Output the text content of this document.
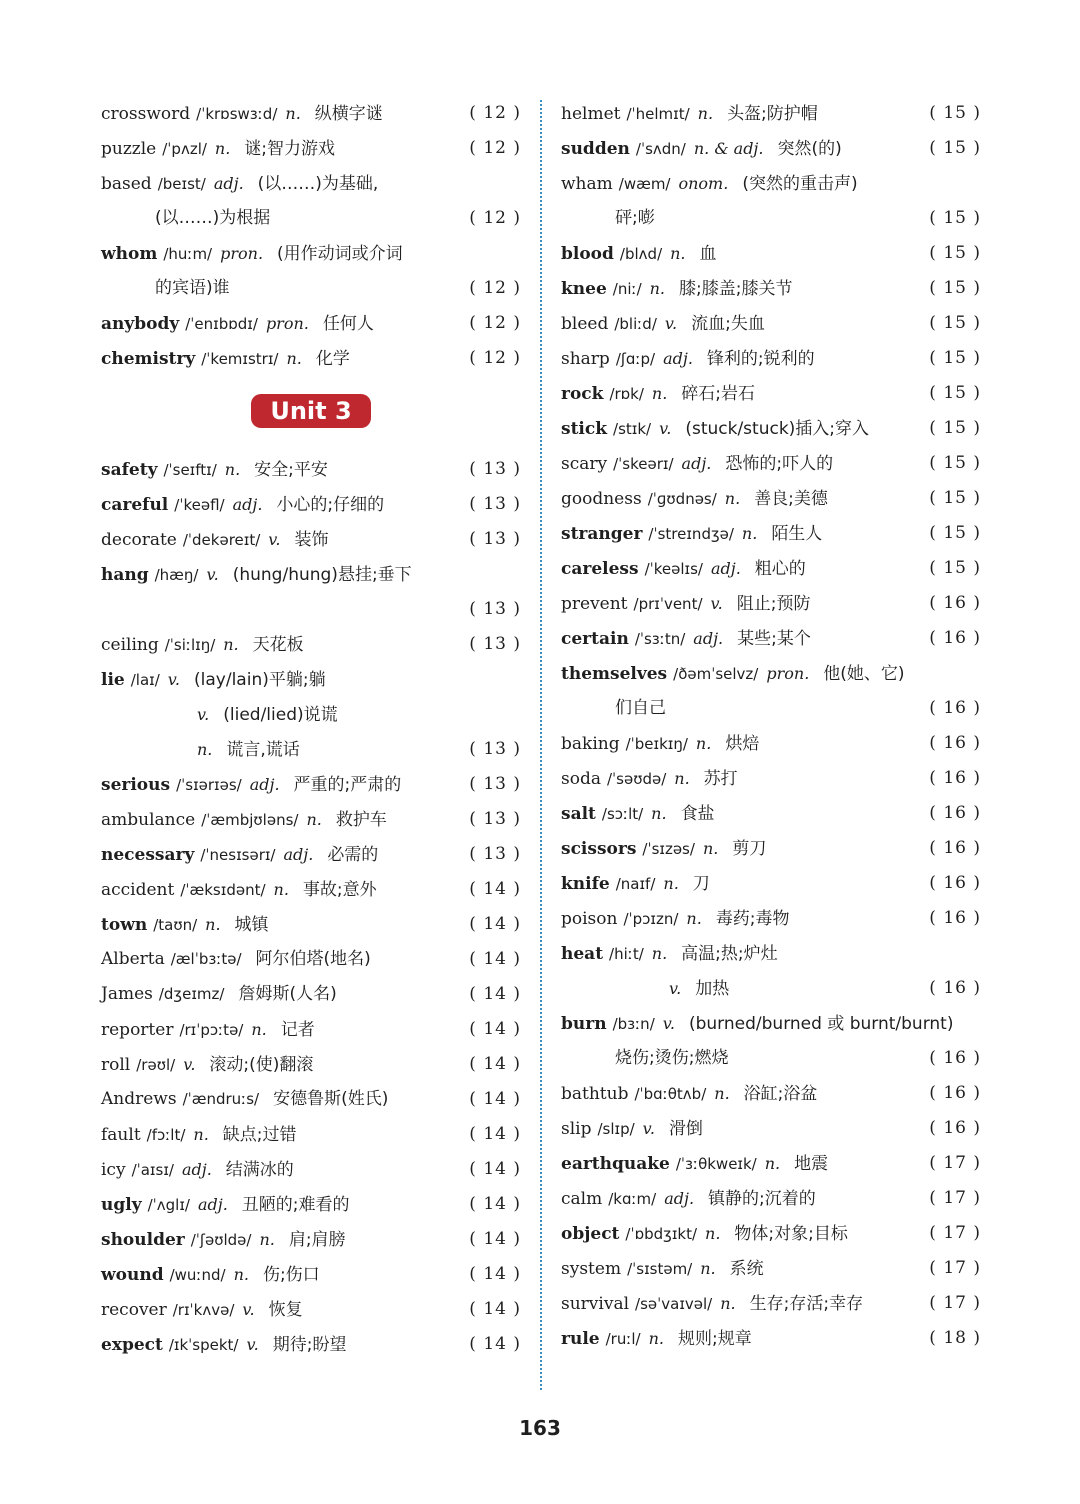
crossword /ˈkrɒswɜːd/ n. 纵横字谜	( 12 )
puzzle /ˈpʌzl/ n. 谜;智力游戏	( 12 )
based /beɪst/ adj. (以……)为基础,
(以……)为根据	( 12 )
whom /huːm/ pron. (用作动词或介词
的宾语)谁	( 12 )
anybody /ˈenɪbɒdɪ/ pron. 任何人	( 12 )
chemistry /ˈkemɪstrɪ/ n. 化学	( 12 )
Unit 3
safety /ˈseɪftɪ/ n. 安全;平安	( 13 )
careful /ˈkeəfl/ adj. 小心的;仔细的	( 13 )
decorate /ˈdekəreɪt/ v. 装饰	( 13 )
hang /hæŋ/ v. (hung/hung)悬挂;垂下
( 13 )
ceiling /ˈsiːlɪŋ/ n. 天花板	( 13 )
lie /laɪ/ v. (lay/lain)平躺;躺
v. (lied/lied)说谎
n. 谎言,谎话	( 13 )
serious /ˈsɪərɪəs/ adj. 严重的;严肃的	( 13 )
ambulance /ˈæmbjʊləns/ n. 救护车	( 13 )
necessary /ˈnesɪsərɪ/ adj. 必需的	( 13 )
accident /ˈæksɪdənt/ n. 事故;意外	( 14 )
town /taʊn/ n. 城镇	( 14 )
Alberta /ælˈbɜːtə/ 阿尔伯塔(地名)	( 14 )
James /dʒeɪmz/ 詹姆斯(人名)	( 14 )
reporter /rɪˈpɔːtə/ n. 记者	( 14 )
roll /rəʊl/ v. 滚动;(使)翻滚	( 14 )
Andrews /ˈændruːs/ 安德鲁斯(姓氏)	( 14 )
fault /fɔːlt/ n. 缺点;过错	( 14 )
icy /ˈaɪsɪ/ adj. 结满冰的	( 14 )
ugly /ˈʌglɪ/ adj. 丑陋的;难看的	( 14 )
shoulder /ˈʃəʊldə/ n. 肩;肩膀	( 14 )
wound /wuːnd/ n. 伤;伤口	( 14 )
recover /rɪˈkʌvə/ v. 恢复	( 14 )
expect /ɪkˈspekt/ v. 期待;盼望	( 14 )
helmet /ˈhelmɪt/ n. 头盔;防护帽	( 15 )
sudden /ˈsʌdn/ n. & adj. 突然(的)	( 15 )
wham /wæm/ onom. (突然的重击声)
砰;嘭	( 15 )
blood /blʌd/ n. 血	( 15 )
knee /niː/ n. 膝;膝盖;膝关节	( 15 )
bleed /bliːd/ v. 流血;失血	( 15 )
sharp /ʃɑːp/ adj. 锋利的;锐利的	( 15 )
rock /rɒk/ n. 碎石;岩石	( 15 )
stick /stɪk/ v. (stuck/stuck)插入;穿入	( 15 )
scary /ˈskeərɪ/ adj. 恐怖的;吓人的	( 15 )
goodness /ˈɡʊdnəs/ n. 善良;美德	( 15 )
stranger /ˈstreɪndʒə/ n. 陌生人	( 15 )
careless /ˈkeəlɪs/ adj. 粗心的	( 15 )
prevent /prɪˈvent/ v. 阻止;预防	( 16 )
certain /ˈsɜːtn/ adj. 某些;某个	( 16 )
themselves /ðəmˈselvz/ pron. 他(她、它)
们自己	( 16 )
baking /ˈbeɪkɪŋ/ n. 烘焙	( 16 )
soda /ˈsəʊdə/ n. 苏打	( 16 )
salt /sɔːlt/ n. 食盐	( 16 )
scissors /ˈsɪzəs/ n. 剪刀	( 16 )
knife /naɪf/ n. 刀	( 16 )
poison /ˈpɔɪzn/ n. 毒药;毒物	( 16 )
heat /hiːt/ n. 高温;热;炉灶
v. 加热	( 16 )
burn /bɜːn/ v. (burned/burned 或 burnt/burnt)
烧伤;烫伤;燃烧	( 16 )
bathtub /ˈbɑːθtʌb/ n. 浴缸;浴盆	( 16 )
slip /slɪp/ v. 滑倒	( 16 )
earthquake /ˈɜːθkweɪk/ n. 地震	( 17 )
calm /kɑːm/ adj. 镇静的;沉着的	( 17 )
object /ˈɒbdʒɪkt/ n. 物体;对象;目标	( 17 )
system /ˈsɪstəm/ n. 系统	( 17 )
survival /səˈvaɪvəl/ n. 生存;存活;幸存	( 17 )
rule /ruːl/ n. 规则;规章	( 18 )
163
